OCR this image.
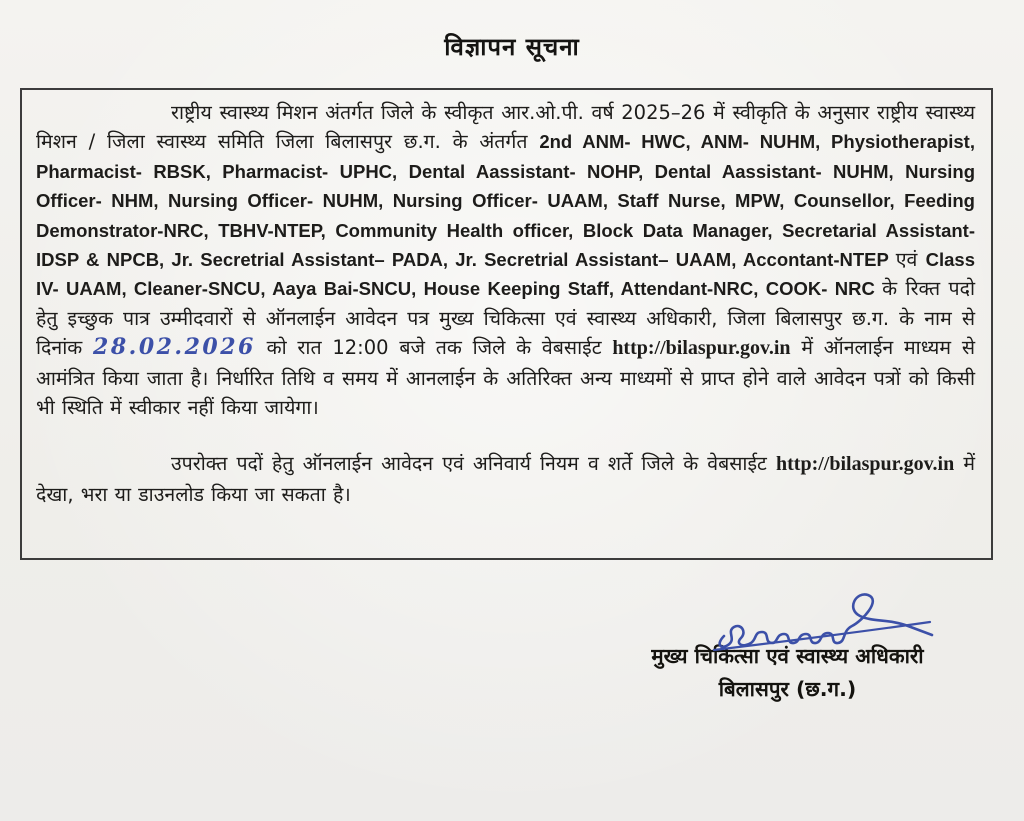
विज्ञापन सूचना

राष्ट्रीय स्वास्थ्य मिशन अंतर्गत जिले के स्वीकृत आर.ओ.पी. वर्ष 2025–26 में स्वीकृति के अनुसार राष्ट्रीय स्वास्थ्य मिशन / जिला स्वास्थ्य समिति जिला बिलासपुर छ.ग. के अंतर्गत 2nd ANM- HWC, ANM- NUHM, Physiotherapist, Pharmacist- RBSK, Pharmacist- UPHC, Dental Aassistant- NOHP, Dental Aassistant- NUHM, Nursing Officer- NHM, Nursing Officer- NUHM, Nursing Officer- UAAM, Staff Nurse, MPW, Counsellor, Feeding Demonstrator-NRC, TBHV-NTEP, Community Health officer, Block Data Manager, Secretarial Assistant- IDSP & NPCB, Jr. Secretrial Assistant– PADA, Jr. Secretrial Assistant– UAAM, Accontant-NTEP एवं Class IV- UAAM, Cleaner-SNCU, Aaya Bai-SNCU, House Keeping Staff, Attendant-NRC, COOK- NRC के रिक्त पदो हेतु इच्छुक पात्र उम्मीदवारों से ऑनलाईन आवेदन पत्र मुख्य चिकित्सा एवं स्वास्थ्य अधिकारी, जिला बिलासपुर छ.ग. के नाम से दिनांक 28.02.2026 को रात 12:00 बजे तक जिले के वेबसाईट http://bilaspur.gov.in में ऑनलाईन माध्यम से आमंत्रित किया जाता है। निर्धारित तिथि व समय में आनलाईन के अतिरिक्त अन्य माध्यमों से प्राप्त होने वाले आवेदन पत्रों को किसी भी स्थिति में स्वीकार नहीं किया जायेगा।

उपरोक्त पदों हेतु ऑनलाईन आवेदन एवं अनिवार्य नियम व शर्ते जिले के वेबसाईट http://bilaspur.gov.in में देखा, भरा या डाउनलोड किया जा सकता है।

मुख्य चिकित्सा एवं स्वास्थ्य अधिकारी
बिलासपुर (छ.ग.)
